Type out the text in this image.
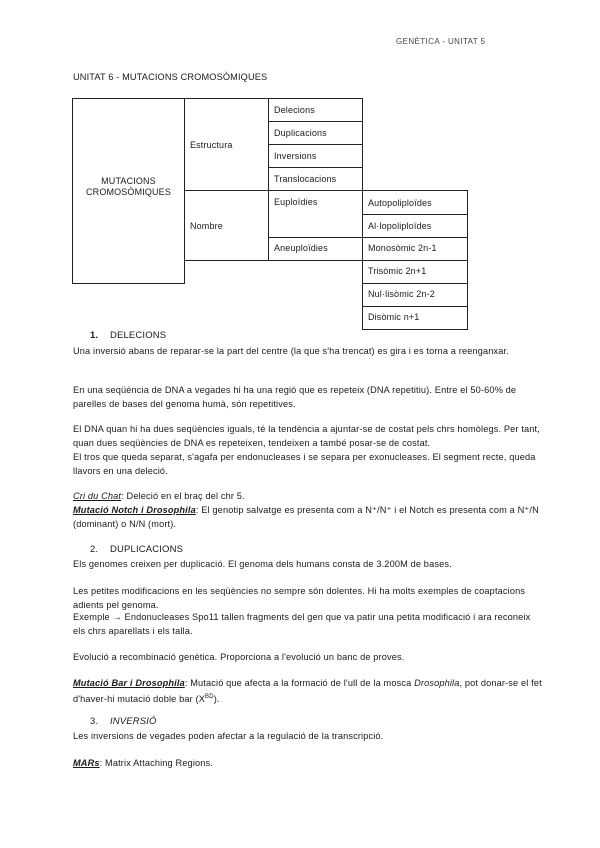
GENÈTICA - UNITAT 5
UNITAT 6 - MUTACIONS CROMOSÒMIQUES
MUTACIONS
CROMOSÒMIQUES
Estructura
Nombre
Delecions
Duplicacions
Inversions
Translocacions
Euploïdies
Aneuploïdies
Autopoliploïdes
Al·lopoliploïdes
Monosòmic 2n-1
Trisòmic 2n+1
Nul·lisòmic 2n-2
Disòmic n+1
1. DELECIONS
Una inversió abans de reparar-se la part del centre (la que s'ha trencat) es gira i es torna a reenganxar.
En una seqüència de DNA a vegades hi ha una regió que es repeteix (DNA repetitiu). Entre el 50-60% de parelles de bases del genoma humà, són repetitives.
El DNA quan hi ha dues seqüències iguals, té la tendència a ajuntar-se de costat pels chrs homòlegs. Per tant, quan dues seqüències de DNA es repeteixen, tendeixen a també posar-se de costat.
El tros que queda separat, s'agafa per endonucleases i se separa per exonucleases. El segment recte, queda llavors en una deleció.
Cri du Chat: Deleció en el braç del chr 5.
Mutació Notch i Drosophila: El genotip salvatge es presenta com a N⁺/N⁺ i el Notch es presenta com a N⁺/N (dominant) o N/N (mort).
2. DUPLICACIONS
Els genomes creixen per duplicació. El genoma dels humans consta de 3.200M de bases.
Les petites modificacions en les seqüències no sempre són dolentes. Hi ha molts exemples de coaptacions adients pel genoma.
Exemple → Endonucleases Spo11 tallen fragments del gen que va patir una petita modificació i ara reconeix els chrs aparellats i els talla.
Evolució a recombinació genètica. Proporciona a l'evolució un banc de proves.
Mutació Bar i Drosophila: Mutació que afecta a la formació de l'ull de la mosca Drosophila, pot donar-se el fet d'haver-hi mutació doble bar $(X^{BD})$.
3. INVERSIÓ
Les inversions de vegades poden afectar a la regulació de la transcripció.
MARs: Matrix Attaching Regions.
